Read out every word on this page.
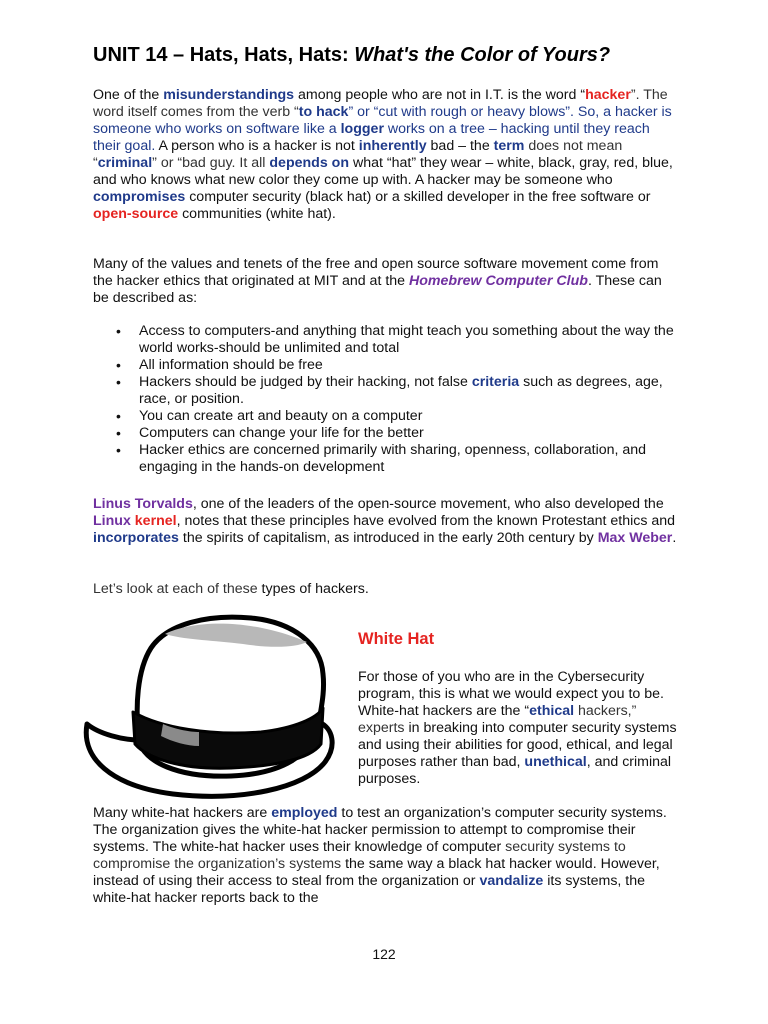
UNIT 14 – Hats, Hats, Hats: What's the Color of Yours?

One of the misunderstandings among people who are not in I.T. is the word “hacker”. The word itself comes from the verb “to hack” or “cut with rough or heavy blows”. So, a hacker is someone who works on software like a logger works on a tree – hacking until they reach their goal. A person who is a hacker is not inherently bad – the term does not mean “criminal” or “bad guy. It all depends on what “hat” they wear – white, black, gray, red, blue, and who knows what new color they come up with. A hacker may be someone who compromises computer security (black hat) or a skilled developer in the free software or open-source communities (white hat).

Many of the values and tenets of the free and open source software movement come from the hacker ethics that originated at MIT and at the Homebrew Computer Club. These can be described as:

• Access to computers-and anything that might teach you something about the way the world works-should be unlimited and total
• All information should be free
• Hackers should be judged by their hacking, not false criteria such as degrees, age, race, or position.
• You can create art and beauty on a computer
• Computers can change your life for the better
• Hacker ethics are concerned primarily with sharing, openness, collaboration, and engaging in the hands-on development

Linus Torvalds, one of the leaders of the open-source movement, who also developed the Linux kernel, notes that these principles have evolved from the known Protestant ethics and incorporates the spirits of capitalism, as introduced in the early 20th century by Max Weber.

Let’s look at each of these types of hackers.

White Hat

For those of you who are in the Cybersecurity program, this is what we would expect you to be. White-hat hackers are the “ethical hackers,” experts in breaking into computer security systems and using their abilities for good, ethical, and legal purposes rather than bad, unethical, and criminal purposes.

Many white-hat hackers are employed to test an organization’s computer security systems. The organization gives the white-hat hacker permission to attempt to compromise their systems. The white-hat hacker uses their knowledge of computer security systems to compromise the organization’s systems the same way a black hat hacker would. However, instead of using their access to steal from the organization or vandalize its systems, the white-hat hacker reports back to the

122
